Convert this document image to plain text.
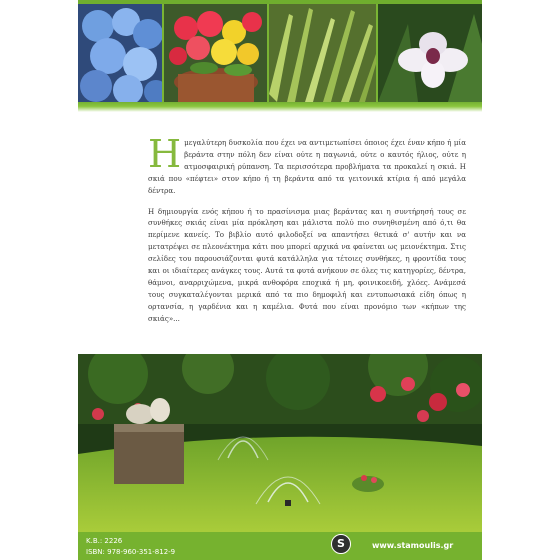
Ημεγαλύτερη δυσκολία που έχει να αντιμετωπίσει όποιος έχει έναν κήπο ή μία βεράντα στην πόλη δεν είναι ούτε η παγωνιά, ούτε ο καυτός ήλιος, ούτε η ατμοσφαιρική ρύπανση. Τα περισσότερα προβλήματα τα προκαλεί η σκιά. Η σκιά που «πέφτει» στον κήπο ή τη βεράντα από τα γειτονικά κτίρια ή από μεγάλα δέντρα.

Η δημιουργία ενός κήπου ή το πρασίνισμα μιας βεράντας και η συντήρησή τους σε συνθήκες σκιάς είναι μία πρόκληση και μάλιστα πολύ πιο συνηθισμένη από ό,τι θα περίμενε κανείς. Το βιβλίο αυτό φιλοδοξεί να απαντήσει θετικά σ' αυτήν και να μετατρέψει σε πλεονέκτημα κάτι που μπορεί αρχικά να φαίνεται ως μειονέκτημα. Στις σελίδες του παρουσιάζονται φυτά κατάλληλα για τέτοιες συνθήκες, η φροντίδα τους και οι ιδιαίτερες ανάγκες τους. Αυτά τα φυτά ανήκουν σε όλες τις κατηγορίες, δέντρα, θάμνοι, αναρριχώμενα, μικρά ανθοφόρα εποχικά ή μη, φοινικοειδή, χλόες. Ανάμεσά τους συγκαταλέγονται μερικά από τα πιο δημοφιλή και εντυπωσιακά είδη όπως η ορτανσία, η γαρδένια και η καμέλια. Φυτά που είναι προνόμιο των «κήπων της σκιάς»...

Κ.Β.: 2226
ISBN: 978-960-351-812-9
S	www.stamoulis.gr
